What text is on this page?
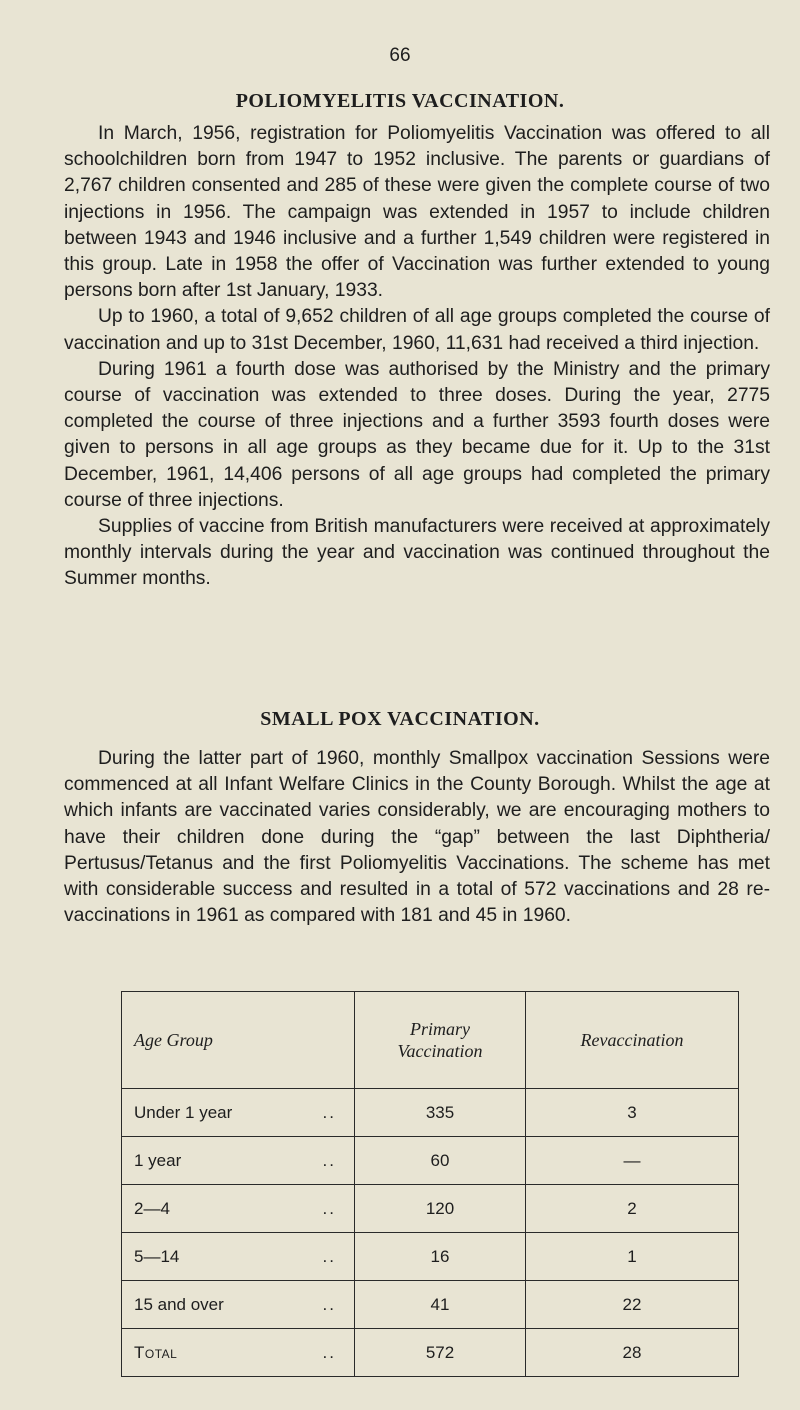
66
POLIOMYELITIS VACCINATION.

In March, 1956, registration for Poliomyelitis Vaccination was offered to all schoolchildren born from 1947 to 1952 inclusive. The parents or guardians of 2,767 children consented and 285 of these were given the complete course of two injections in 1956. The campaign was extended in 1957 to include children between 1943 and 1946 inclusive and a further 1,549 children were registered in this group. Late in 1958 the offer of Vaccination was further extended to young persons born after 1st January, 1933.

Up to 1960, a total of 9,652 children of all age groups completed the course of vaccination and up to 31st December, 1960, 11,631 had received a third injection.

During 1961 a fourth dose was authorised by the Ministry and the primary course of vaccination was extended to three doses. During the year, 2775 completed the course of three injections and a further 3593 fourth doses were given to persons in all age groups as they became due for it. Up to the 31st December, 1961, 14,406 persons of all age groups had completed the primary course of three injections.

Supplies of vaccine from British manufacturers were received at approximately monthly intervals during the year and vaccination was continued throughout the Summer months.

SMALL POX VACCINATION.

During the latter part of 1960, monthly Smallpox vaccination Sessions were commenced at all Infant Welfare Clinics in the County Borough. Whilst the age at which infants are vaccinated varies considerably, we are encouraging mothers to have their children done during the “gap” between the last Diphtheria/ Pertusus/Tetanus and the first Poliomyelitis Vaccinations. The scheme has met with considerable success and resulted in a total of 572 vaccinations and 28 re-vaccinations in 1961 as compared with 181 and 45 in 1960.

Age Group	Primary Vaccination	Revaccination

Under 1 year ..	335	3

1 year ..	60	—

2—4 ..	120	2

5—14 ..	16	1

15 and over ..	41	22

Total ..	572	28
